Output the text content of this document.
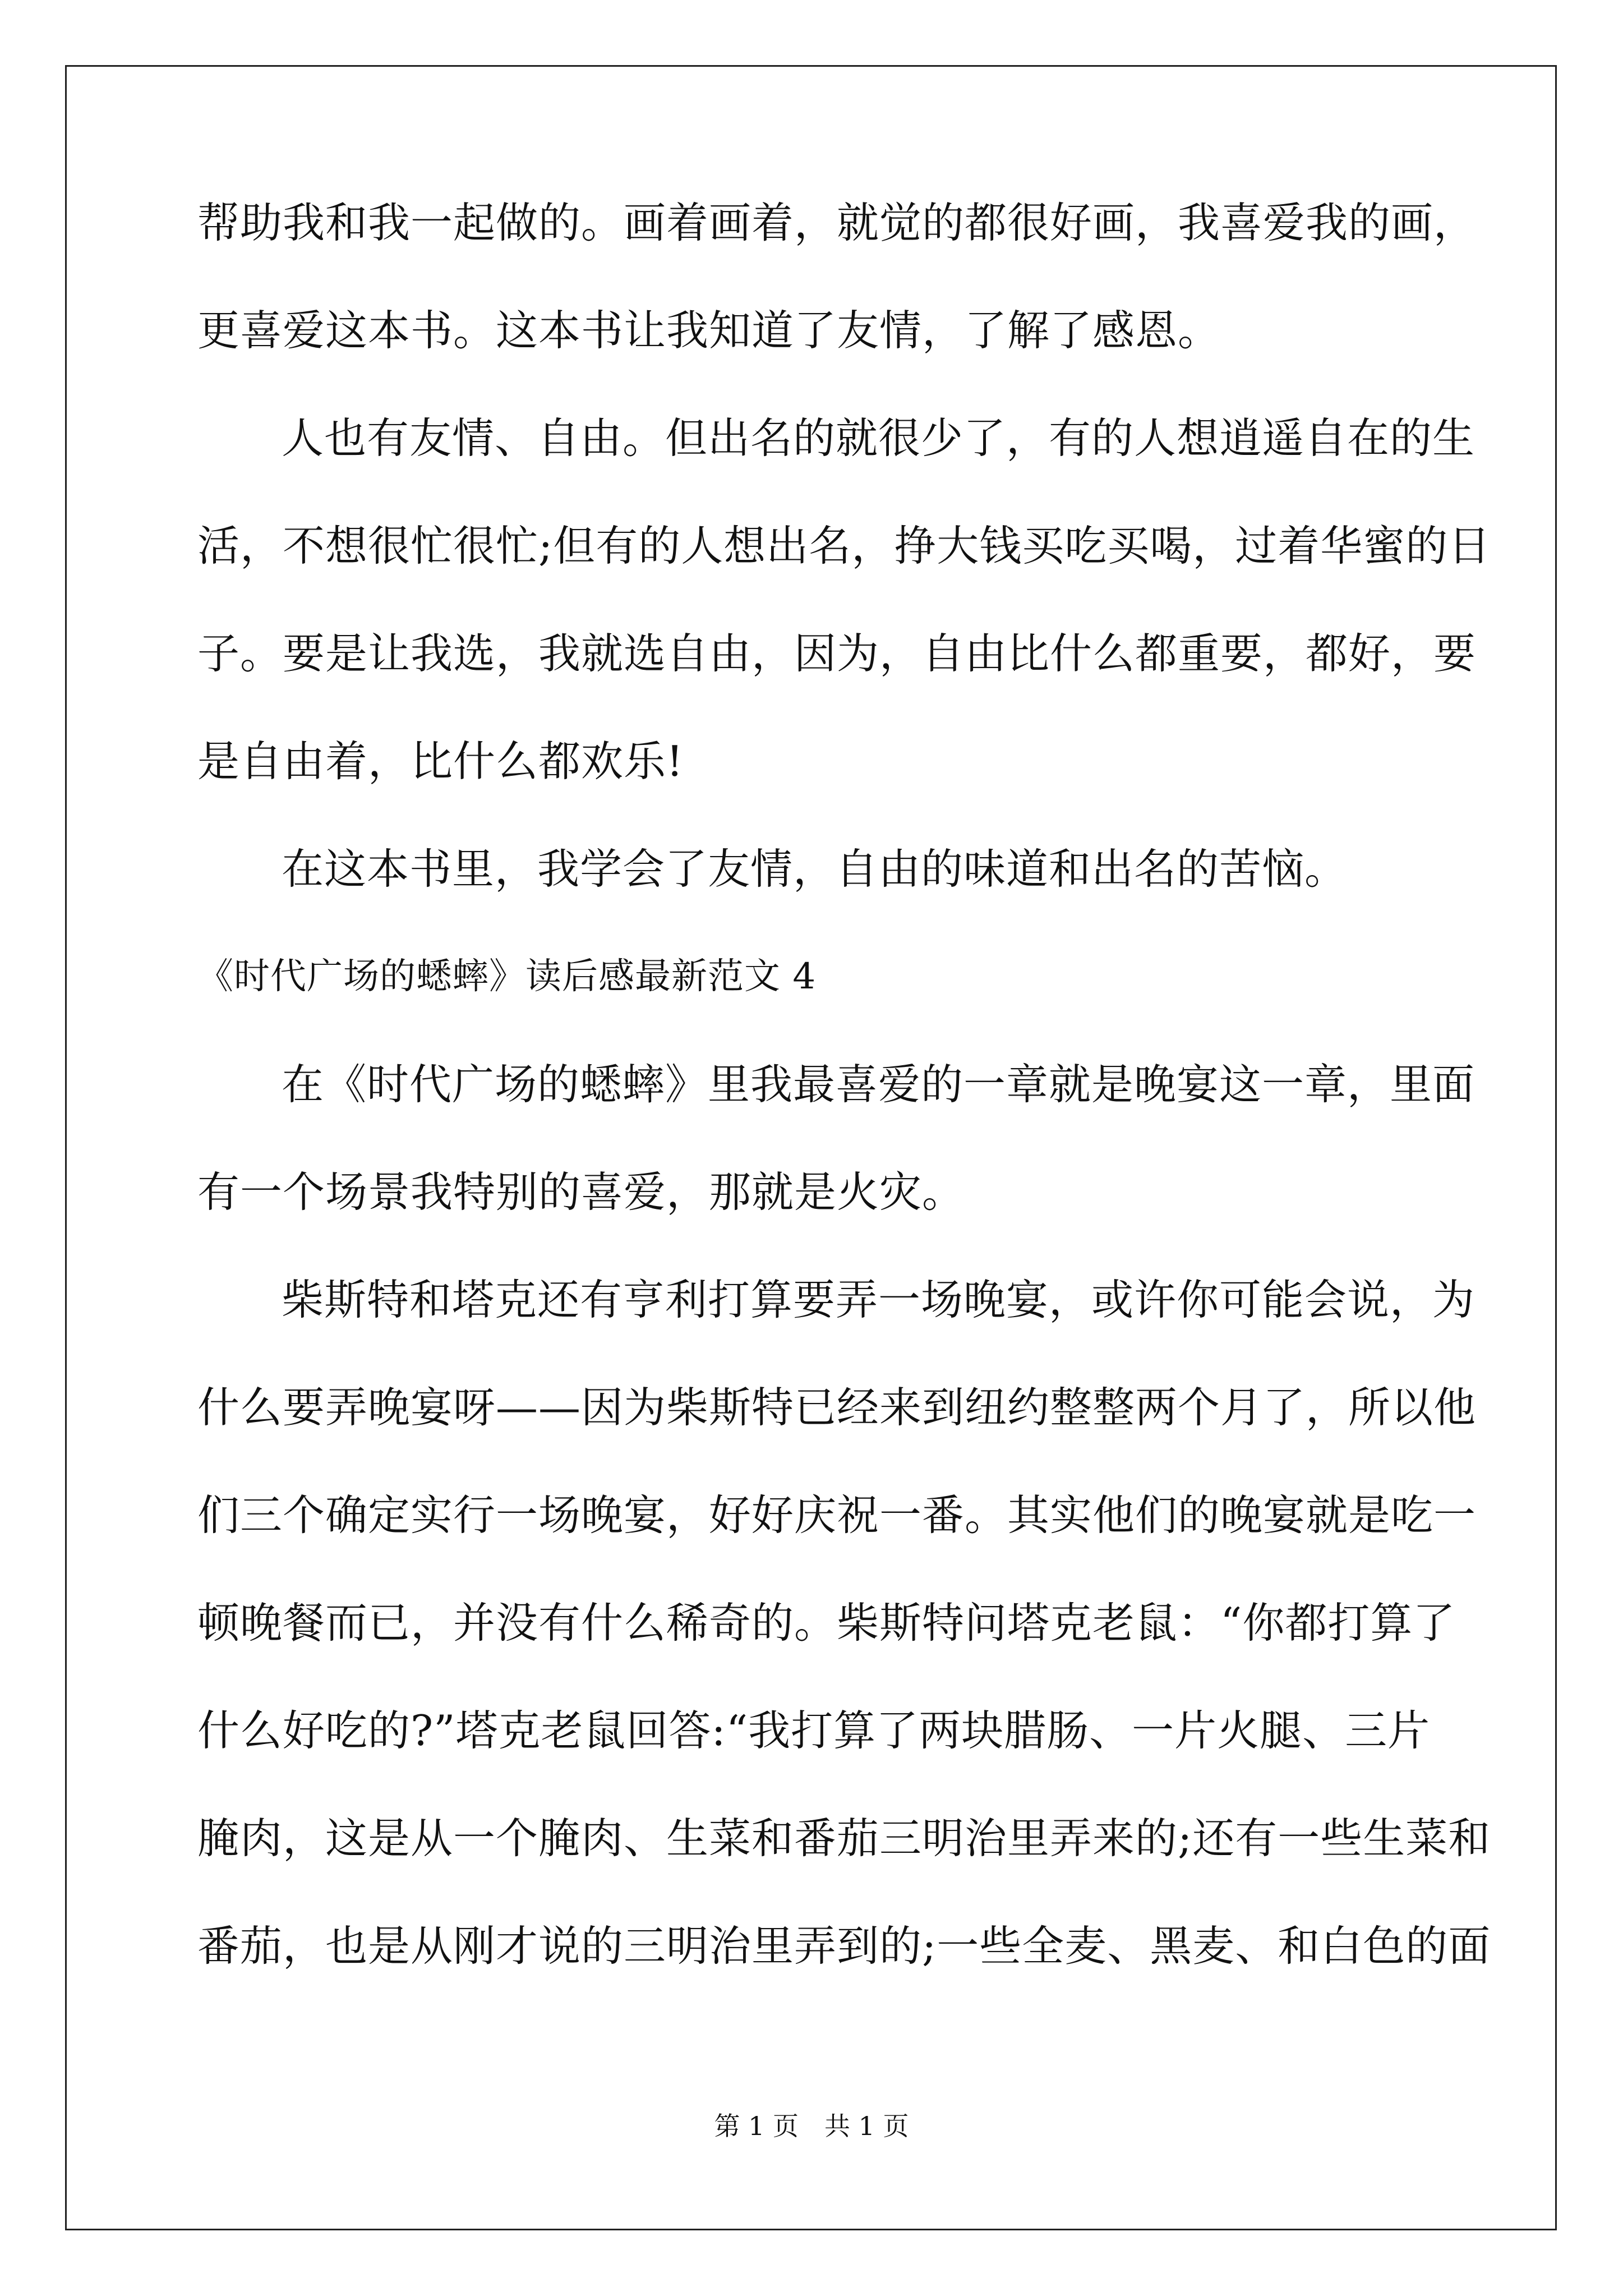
帮助我和我一起做的。画着画着，就觉的都很好画，我喜爱我的画，
更喜爱这本书。这本书让我知道了友情，了解了感恩。
人也有友情、自由。但出名的就很少了，有的人想逍遥自在的生
活，不想很忙很忙;但有的人想出名，挣大钱买吃买喝，过着华蜜的日
子。要是让我选，我就选自由，因为，自由比什么都重要，都好，要
是自由着，比什么都欢乐!
在这本书里，我学会了友情，自由的味道和出名的苦恼。
《时代广场的蟋蟀》读后感最新范文 4
在《时代广场的蟋蟀》里我最喜爱的一章就是晚宴这一章，里面
有一个场景我特别的喜爱，那就是火灾。
柴斯特和塔克还有亨利打算要弄一场晚宴，或许你可能会说，为
什么要弄晚宴呀——因为柴斯特已经来到纽约整整两个月了，所以他
们三个确定实行一场晚宴，好好庆祝一番。其实他们的晚宴就是吃一
顿晚餐而已，并没有什么稀奇的。柴斯特问塔克老鼠：“你都打算了
什么好吃的?”塔克老鼠回答:“我打算了两块腊肠、一片火腿、三片
腌肉，这是从一个腌肉、生菜和番茄三明治里弄来的;还有一些生菜和
番茄，也是从刚才说的三明治里弄到的;一些全麦、黑麦、和白色的面
第 1 页　共 1 页
